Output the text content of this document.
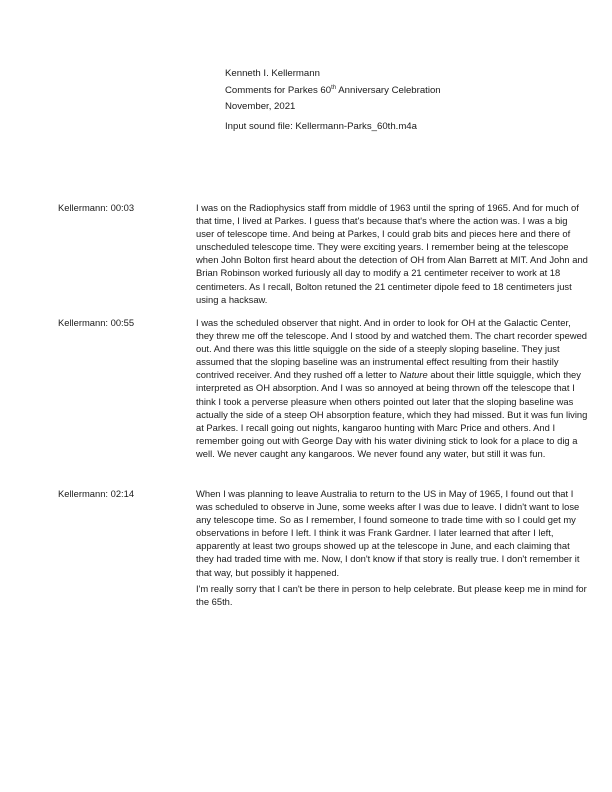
Kenneth I. Kellermann
Comments for Parkes 60th Anniversary Celebration
November, 2021
Input sound file: Kellermann-Parks_60th.m4a
Kellermann: 00:03	I was on the Radiophysics staff from middle of 1963 until the spring of 1965. And for much of that time, I lived at Parkes. I guess that's because that's where the action was. I was a big user of telescope time. And being at Parkes, I could grab bits and pieces here and there of unscheduled telescope time. They were exciting years. I remember being at the telescope when John Bolton first heard about the detection of OH from Alan Barrett at MIT. And John and Brian Robinson worked furiously all day to modify a 21 centimeter receiver to work at 18 centimeters. As I recall, Bolton retuned the 21 centimeter dipole feed to 18 centimeters just using a hacksaw.

Kellermann: 00:55	I was the scheduled observer that night. And in order to look for OH at the Galactic Center, they threw me off the telescope. And I stood by and watched them. The chart recorder spewed out. And there was this little squiggle on the side of a steeply sloping baseline. They just assumed that the sloping baseline was an instrumental effect resulting from their hastily contrived receiver. And they rushed off a letter to Nature about their little squiggle, which they interpreted as OH absorption. And I was so annoyed at being thrown off the telescope that I think I took a perverse pleasure when others pointed out later that the sloping baseline was actually the side of a steep OH absorption feature, which they had missed. But it was fun living at Parkes. I recall going out nights, kangaroo hunting with Marc Price and others. And I remember going out with George Day with his water divining stick to look for a place to dig a well. We never caught any kangaroos. We never found any water, but still it was fun.

Kellermann: 02:14	When I was planning to leave Australia to return to the US in May of 1965, I found out that I was scheduled to observe in June, some weeks after I was due to leave. I didn't want to lose any telescope time. So as I remember, I found someone to trade time with so I could get my observations in before I left. I think it was Frank Gardner. I later learned that after I left, apparently at least two groups showed up at the telescope in June, and each claiming that they had traded time with me. Now, I don't know if that story is really true. I don't remember it that way, but possibly it happened.

I'm really sorry that I can't be there in person to help celebrate. But please keep me in mind for the 65th.
